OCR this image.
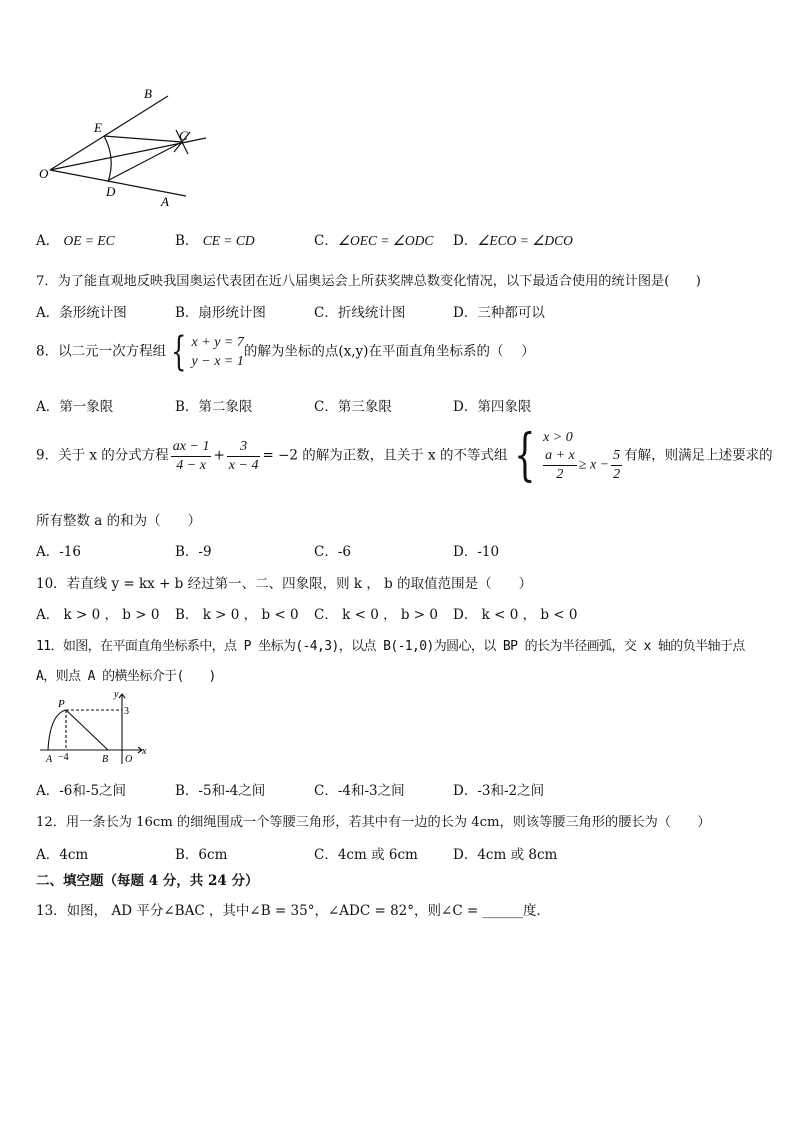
B
E
C
O
D
A
A． OE = EC	B． CE = CD	C．∠OEC = ∠ODC D．∠ECO = ∠DCO
7．为了能直观地反映我国奥运代表团在近八届奥运会上所获奖牌总数变化情况，以下最适合使用的统计图是(　　)
A．条形统计图	B．扇形统计图	C．折线统计图	D．三种都可以
8．以二元一次方程组 { x + y = 7
y − x = 1的解为坐标的点(x,y)在平面直角坐标系的（　 ）
A．第一象限	B．第二象限	C．第三象限	D．第四象限
9．关于 x 的分式方程 $\frac{ax - 1}{4 - x} + \frac{3}{x - 4} = -2$ 的解为正数，且关于 x 的不等式组 { x > 0

$\frac{a + x}{2} \ge x - \frac{5}{2}$ 有解，则满足上述要求的
所有整数 a 的和为（　　）
A．-16	B．-9	C．-6	D．-10
10．若直线 y = kx + b 经过第一、二、四象限，则 k ， b 的取值范围是（　　）
A． k > 0 ， b > 0 B． k > 0 ， b < 0 C． k < 0 ， b > 0 D． k < 0 ， b < 0
11．如图，在平面直角坐标系中，点 P 坐标为(-4,3)，以点 B(-1,0)为圆心，以 BP 的长为半径画弧，交 x 轴的负半轴于点
A，则点 A 的横坐标介于(　　)
P
y
3
A −4	B O
x
A．-6和-5之间	B．-5和-4之间	C．-4和-3之间	D．-3和-2之间
12．用一条长为 16cm 的细绳围成一个等腰三角形，若其中有一边的长为 4cm，则该等腰三角形的腰长为（　　）
A．4cm	B．6cm	C．4cm 或 6cm	D．4cm 或 8cm
二、填空题（每题 4 分，共 24 分）
13．如图， AD 平分∠BAC ，其中∠B = 35°，∠ADC = 82°，则∠C = ______度．
